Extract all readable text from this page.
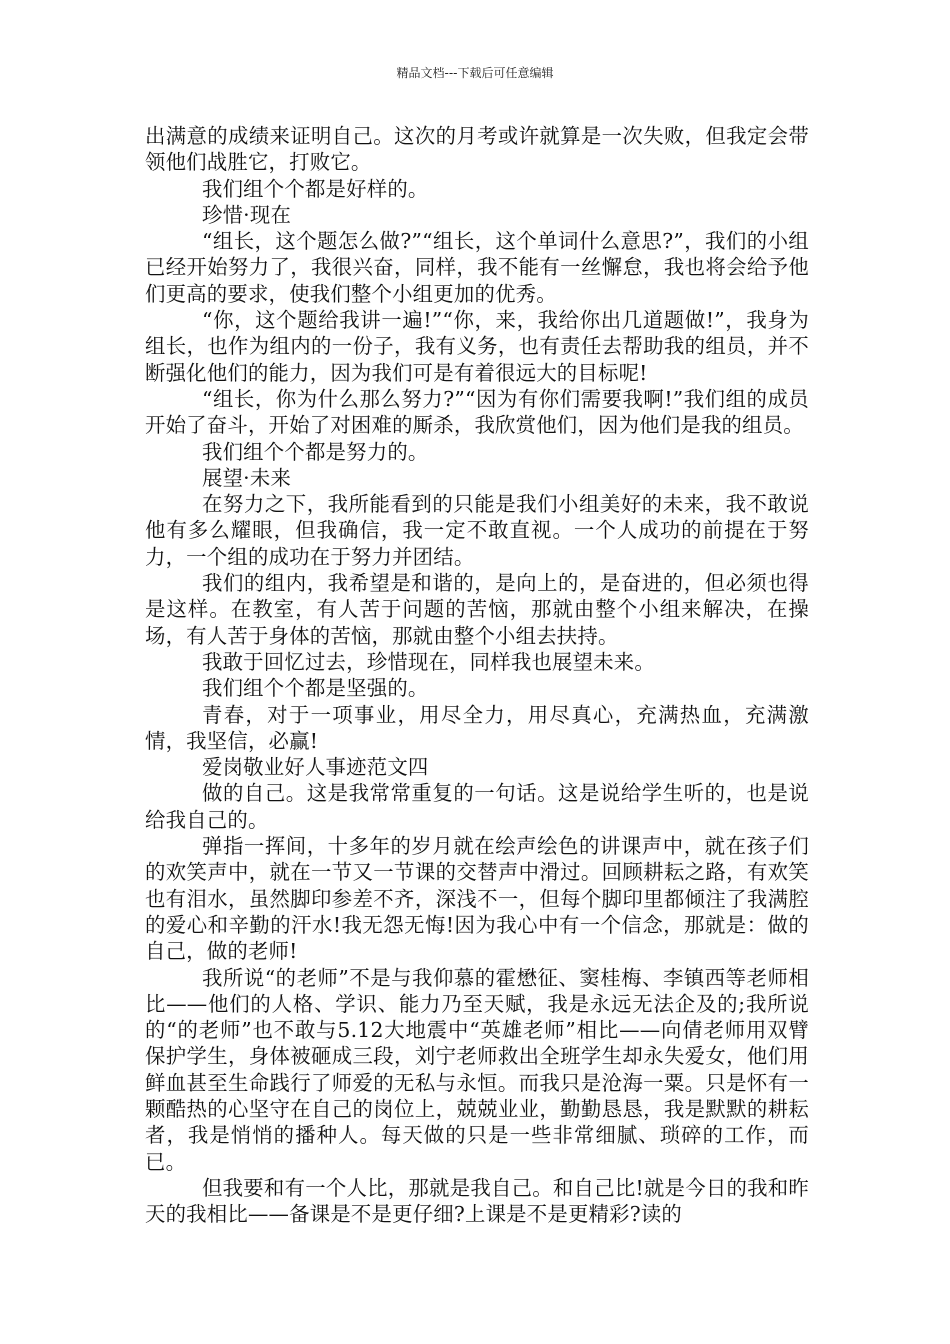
精品文档---下载后可任意编辑

出满意的成绩来证明自己。这次的月考或许就算是一次失败，但我定会带领他们战胜它，打败它。

我们组个个都是好样的。

珍惜·现在

“组长，这个题怎么做?”“组长，这个单词什么意思?”，我们的小组已经开始努力了，我很兴奋，同样，我不能有一丝懈怠，我也将会给予他们更高的要求，使我们整个小组更加的优秀。

“你，这个题给我讲一遍!”“你，来，我给你出几道题做!”，我身为组长，也作为组内的一份子，我有义务，也有责任去帮助我的组员，并不断强化他们的能力，因为我们可是有着很远大的目标呢!

“组长，你为什么那么努力?”“因为有你们需要我啊!”我们组的成员开始了奋斗，开始了对困难的厮杀，我欣赏他们，因为他们是我的组员。

我们组个个都是努力的。

展望·未来

在努力之下，我所能看到的只能是我们小组美好的未来，我不敢说他有多么耀眼，但我确信，我一定不敢直视。一个人成功的前提在于努力，一个组的成功在于努力并团结。

我们的组内，我希望是和谐的，是向上的，是奋进的，但必须也得是这样。在教室，有人苦于问题的苦恼，那就由整个小组来解决，在操场，有人苦于身体的苦恼，那就由整个小组去扶持。

我敢于回忆过去，珍惜现在，同样我也展望未来。

我们组个个都是坚强的。

青春，对于一项事业，用尽全力，用尽真心，充满热血，充满激情，我坚信，必赢!

爱岗敬业好人事迹范文四

做的自己。这是我常常重复的一句话。这是说给学生听的，也是说给我自己的。

弹指一挥间，十多年的岁月就在绘声绘色的讲课声中，就在孩子们的欢笑声中，就在一节又一节课的交替声中滑过。回顾耕耘之路，有欢笑也有泪水，虽然脚印参差不齐，深浅不一，但每个脚印里都倾注了我满腔的爱心和辛勤的汗水!我无怨无悔!因为我心中有一个信念，那就是：做的自己，做的老师!

我所说“的老师”不是与我仰慕的霍懋征、窦桂梅、李镇西等老师相比——他们的人格、学识、能力乃至天赋，我是永远无法企及的;我所说的“的老师”也不敢与5.12大地震中“英雄老师”相比——向倩老师用双臂保护学生，身体被砸成三段，刘宁老师救出全班学生却永失爱女，他们用鲜血甚至生命践行了师爱的无私与永恒。而我只是沧海一粟。只是怀有一颗酷热的心坚守在自己的岗位上，兢兢业业，勤勤恳恳，我是默默的耕耘者，我是悄悄的播种人。每天做的只是一些非常细腻、琐碎的工作，而已。

但我要和有一个人比，那就是我自己。和自己比!就是今日的我和昨天的我相比——备课是不是更仔细?上课是不是更精彩?读的
